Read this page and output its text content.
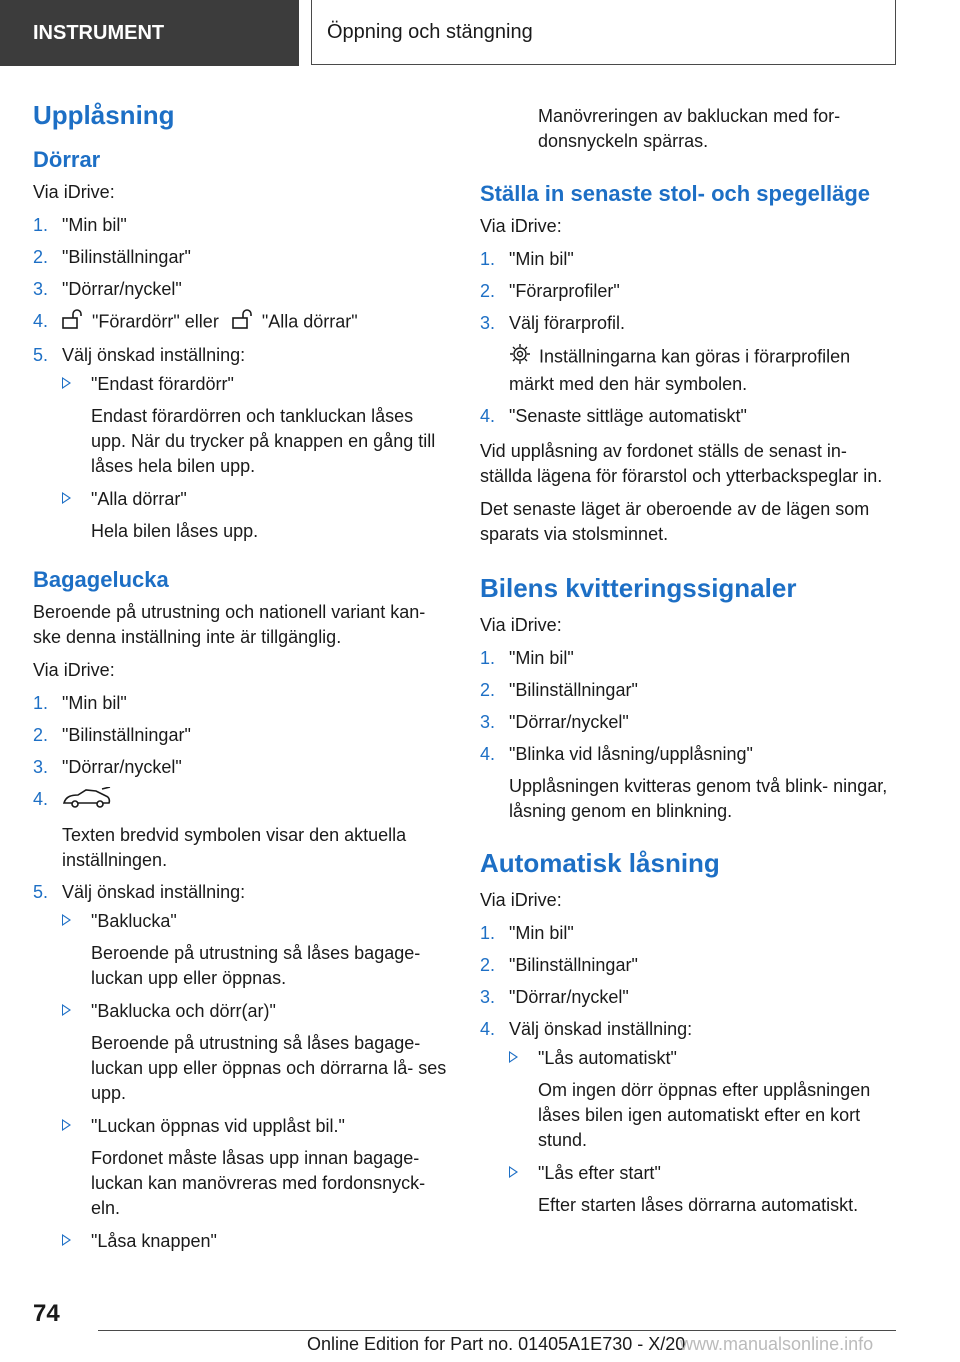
INSTRUMENT	Öppning och stängning
Upplåsning
Dörrar
Via iDrive:
1. "Min bil"
2. "Bilinställningar"
3. "Dörrar/nyckel"
4. "Förardörr" eller "Alla dörrar"
5. Välj önskad inställning:
"Endast förardörr"
Endast förardörren och tankluckan låses upp. När du trycker på knappen en gång till låses hela bilen upp.
"Alla dörrar"
Hela bilen låses upp.
Bagagelucka
Beroende på utrustning och nationell variant kan- ske denna inställning inte är tillgänglig.
Via iDrive:
1. "Min bil"
2. "Bilinställningar"
3. "Dörrar/nyckel"
4.
Texten bredvid symbolen visar den aktuella inställningen.
5. Välj önskad inställning:
"Baklucka"
Beroende på utrustning så låses bagage- luckan upp eller öppnas.
"Baklucka och dörr(ar)"
Beroende på utrustning så låses bagage- luckan upp eller öppnas och dörrarna lå- ses upp.
"Luckan öppnas vid upplåst bil."
Fordonet måste låsas upp innan bagage- luckan kan manövreras med fordonsnyck- eln.
"Låsa knappen"
Manövreringen av bakluckan med for- donsnyckeln spärras.
Ställa in senaste stol- och spegelläge
Via iDrive:
1. "Min bil"
2. "Förarprofiler"
3. Välj förarprofil.
Inställningarna kan göras i förarprofilen märkt med den här symbolen.
4. "Senaste sittläge automatiskt"
Vid upplåsning av fordonet ställs de senast in- ställda lägena för förarstol och ytterbackspeglar in.
Det senaste läget är oberoende av de lägen som sparats via stolsminnet.
Bilens kvitteringssignaler
Via iDrive:
1. "Min bil"
2. "Bilinställningar"
3. "Dörrar/nyckel"
4. "Blinka vid låsning/upplåsning"
Upplåsningen kvitteras genom två blink- ningar, låsning genom en blinkning.
Automatisk låsning
Via iDrive:
1. "Min bil"
2. "Bilinställningar"
3. "Dörrar/nyckel"
4. Välj önskad inställning:
"Lås automatiskt"
Om ingen dörr öppnas efter upplåsningen låses bilen igen automatiskt efter en kort stund.
"Lås efter start"
Efter starten låses dörrarna automatiskt.
74
Online Edition for Part no. 01405A1E730 - X/20
www.manualsonline.info
